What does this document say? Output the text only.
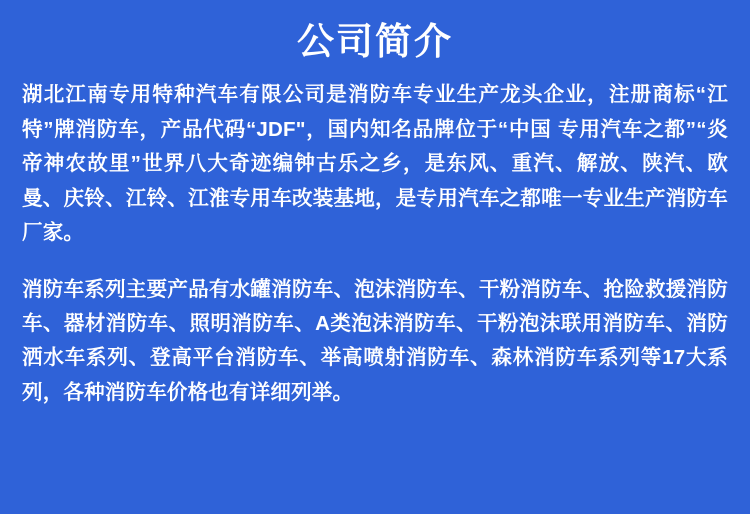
公司简介

湖北江南专用特种汽车有限公司是消防车专业生产龙头企业，注册商标“江特”牌消防车，产品代码“JDF"，国内知名品牌位于“中国 专用汽车之都”“炎帝神农故里”世界八大奇迹编钟古乐之乡，是东风、重汽、解放、陕汽、欧曼、庆铃、江铃、江淮专用车改装基地，是专用汽车之都唯一专业生产消防车厂家。

消防车系列主要产品有水罐消防车、泡沫消防车、干粉消防车、抢险救援消防车、器材消防车、照明消防车、A类泡沫消防车、干粉泡沫联用消防车、消防洒水车系列、登高平台消防车、举高喷射消防车、森林消防车系列等17大系列，各种消防车价格也有详细列举。
